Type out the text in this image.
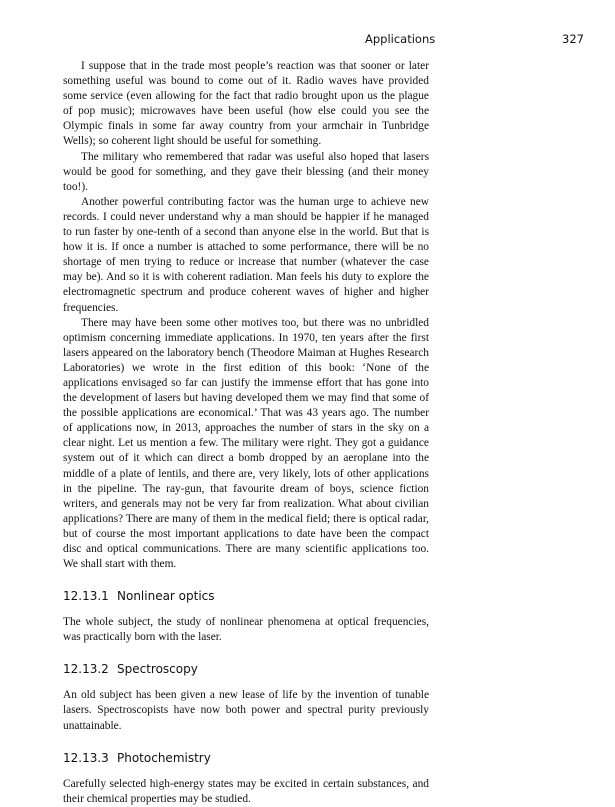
Applications	327

I suppose that in the trade most people’s reaction was that sooner or later something useful was bound to come out of it. Radio waves have provided some service (even allowing for the fact that radio brought upon us the plague of pop music); microwaves have been useful (how else could you see the Olympic finals in some far away country from your armchair in Tunbridge Wells); so coherent light should be useful for something.

The military who remembered that radar was useful also hoped that lasers would be good for something, and they gave their blessing (and their money too!).

Another powerful contributing factor was the human urge to achieve new records. I could never understand why a man should be happier if he managed to run faster by one-tenth of a second than anyone else in the world. But that is how it is. If once a number is attached to some performance, there will be no shortage of men trying to reduce or increase that number (whatever the case may be). And so it is with coherent radiation. Man feels his duty to explore the electromagnetic spectrum and produce coherent waves of higher and higher frequencies.

There may have been some other motives too, but there was no unbridled optimism concerning immediate applications. In 1970, ten years after the first lasers appeared on the laboratory bench (Theodore Maiman at Hughes Research Laboratories) we wrote in the first edition of this book: ‘None of the applications envisaged so far can justify the immense effort that has gone into the development of lasers but having developed them we may find that some of the possible applications are economical.’ That was 43 years ago. The number of applications now, in 2013, approaches the number of stars in the sky on a clear night. Let us mention a few. The military were right. They got a guidance system out of it which can direct a bomb dropped by an aeroplane into the middle of a plate of lentils, and there are, very likely, lots of other applications in the pipeline. The ray-gun, that favourite dream of boys, science fiction writers, and generals may not be very far from realization. What about civilian applications? There are many of them in the medical field; there is optical radar, but of course the most important applications to date have been the compact disc and optical communications. There are many scientific applications too. We shall start with them.

12.13.1 Nonlinear optics

The whole subject, the study of nonlinear phenomena at optical frequencies, was practically born with the laser.

12.13.2 Spectroscopy

An old subject has been given a new lease of life by the invention of tunable lasers. Spectroscopists have now both power and spectral purity previously unattainable.

12.13.3 Photochemistry

Carefully selected high-energy states may be excited in certain substances, and their chemical properties may be studied.
